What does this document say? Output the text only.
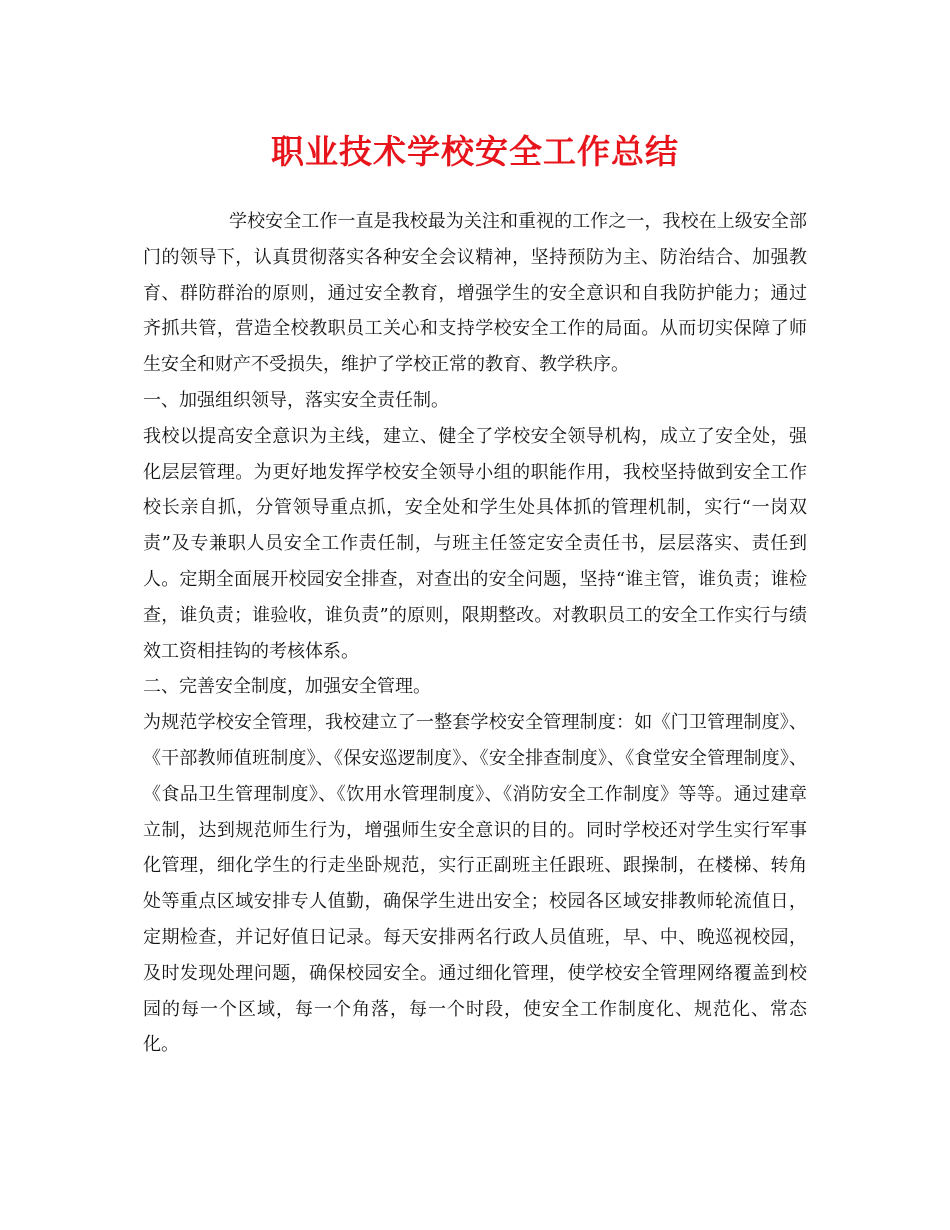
职业技术学校安全工作总结

学校安全工作一直是我校最为关注和重视的工作之一，我校在上级安全部门的领导下，认真贯彻落实各种安全会议精神，坚持预防为主、防治结合、加强教育、群防群治的原则，通过安全教育，增强学生的安全意识和自我防护能力；通过齐抓共管，营造全校教职员工关心和支持学校安全工作的局面。从而切实保障了师生安全和财产不受损失，维护了学校正常的教育、教学秩序。

一、加强组织领导，落实安全责任制。

我校以提高安全意识为主线，建立、健全了学校安全领导机构，成立了安全处，强化层层管理。为更好地发挥学校安全领导小组的职能作用，我校坚持做到安全工作校长亲自抓，分管领导重点抓，安全处和学生处具体抓的管理机制，实行“一岗双责”及专兼职人员安全工作责任制，与班主任签定安全责任书，层层落实、责任到人。定期全面展开校园安全排查，对查出的安全问题，坚持“谁主管，谁负责；谁检查，谁负责；谁验收，谁负责”的原则，限期整改。对教职员工的安全工作实行与绩效工资相挂钩的考核体系。

二、完善安全制度，加强安全管理。

为规范学校安全管理，我校建立了一整套学校安全管理制度：如《门卫管理制度》、《干部教师值班制度》、《保安巡逻制度》、《安全排查制度》、《食堂安全管理制度》、《食品卫生管理制度》、《饮用水管理制度》、《消防安全工作制度》等等。通过建章立制，达到规范师生行为，增强师生安全意识的目的。同时学校还对学生实行军事化管理，细化学生的行走坐卧规范，实行正副班主任跟班、跟操制，在楼梯、转角处等重点区域安排专人值勤，确保学生进出安全；校园各区域安排教师轮流值日，定期检查，并记好值日记录。每天安排两名行政人员值班，早、中、晚巡视校园，及时发现处理问题，确保校园安全。通过细化管理，使学校安全管理网络覆盖到校园的每一个区域，每一个角落，每一个时段，使安全工作制度化、规范化、常态化。
